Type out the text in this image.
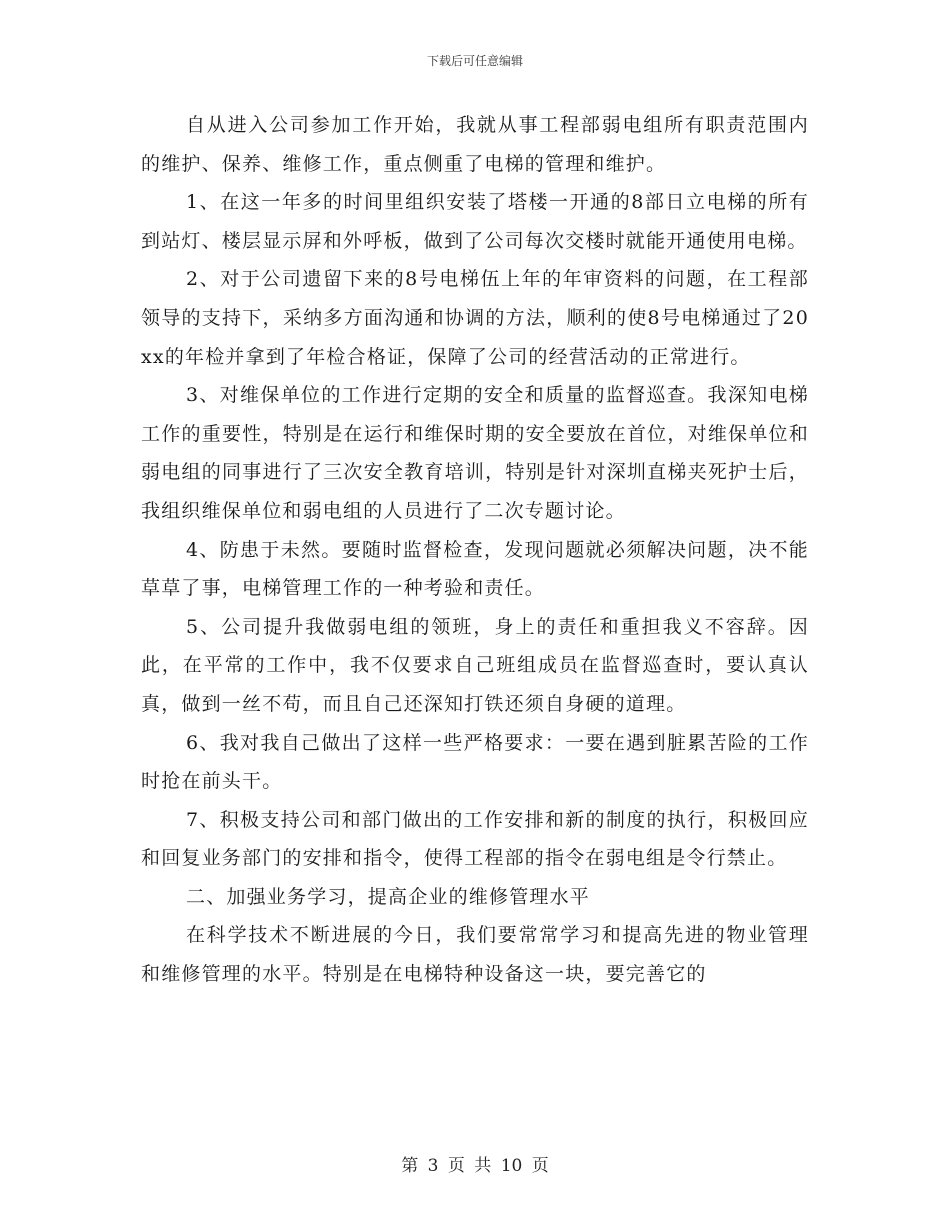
下载后可任意编辑

自从进入公司参加工作开始，我就从事工程部弱电组所有职责范围内的维护、保养、维修工作，重点侧重了电梯的管理和维护。

1、在这一年多的时间里组织安装了塔楼一开通的8部日立电梯的所有到站灯、楼层显示屏和外呼板，做到了公司每次交楼时就能开通使用电梯。

2、对于公司遗留下来的8号电梯伍上年的年审资料的问题，在工程部领导的支持下，采纳多方面沟通和协调的方法，顺利的使8号电梯通过了20xx的年检并拿到了年检合格证，保障了公司的经营活动的正常进行。

3、对维保单位的工作进行定期的安全和质量的监督巡查。我深知电梯工作的重要性，特别是在运行和维保时期的安全要放在首位，对维保单位和弱电组的同事进行了三次安全教育培训，特别是针对深圳直梯夹死护士后，我组织维保单位和弱电组的人员进行了二次专题讨论。

4、防患于未然。要随时监督检查，发现问题就必须解决问题，决不能草草了事，电梯管理工作的一种考验和责任。

5、公司提升我做弱电组的领班，身上的责任和重担我义不容辞。因此，在平常的工作中，我不仅要求自己班组成员在监督巡查时，要认真认真，做到一丝不苟，而且自己还深知打铁还须自身硬的道理。

6、我对我自己做出了这样一些严格要求：一要在遇到脏累苦险的工作时抢在前头干。

7、积极支持公司和部门做出的工作安排和新的制度的执行，积极回应和回复业务部门的安排和指令，使得工程部的指令在弱电组是令行禁止。

二、加强业务学习，提高企业的维修管理水平

在科学技术不断进展的今日，我们要常常学习和提高先进的物业管理和维修管理的水平。特别是在电梯特种设备这一块，要完善它的

第 3 页 共 10 页
